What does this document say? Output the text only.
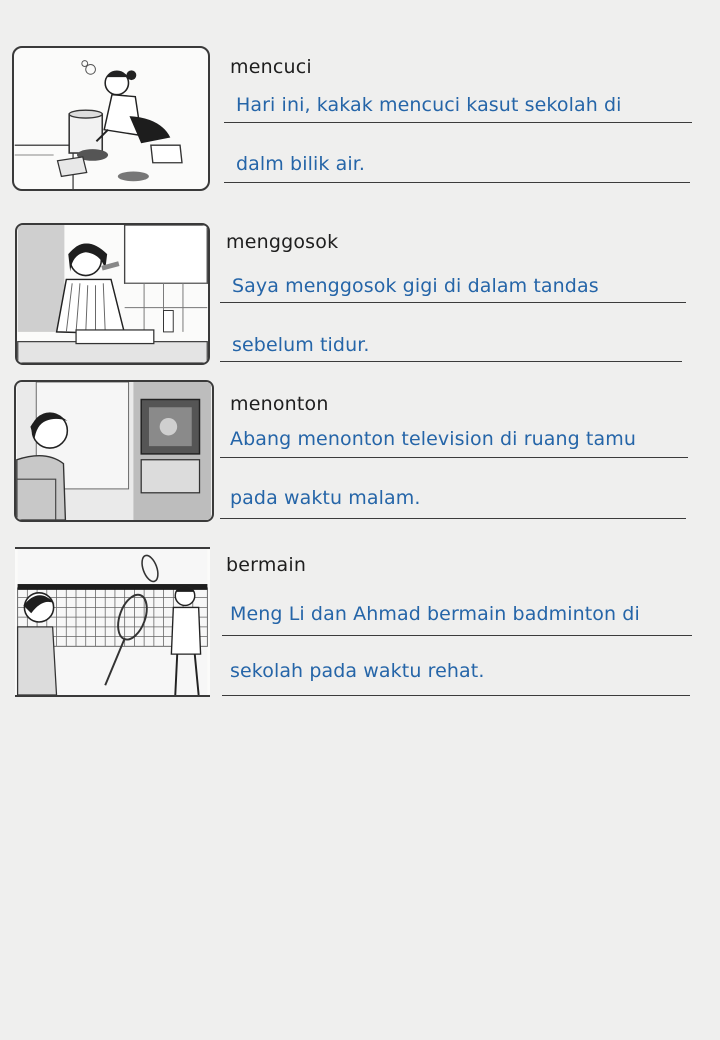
mencuci
Hari ini, kakak mencuci kasut sekolah di
dalm bilik air.
menggosok
Saya menggosok gigi di dalam tandas
sebelum tidur.
menonton
Abang menonton television di ruang tamu
pada waktu malam.
bermain
Meng Li dan Ahmad bermain badminton di
sekolah pada waktu rehat.
